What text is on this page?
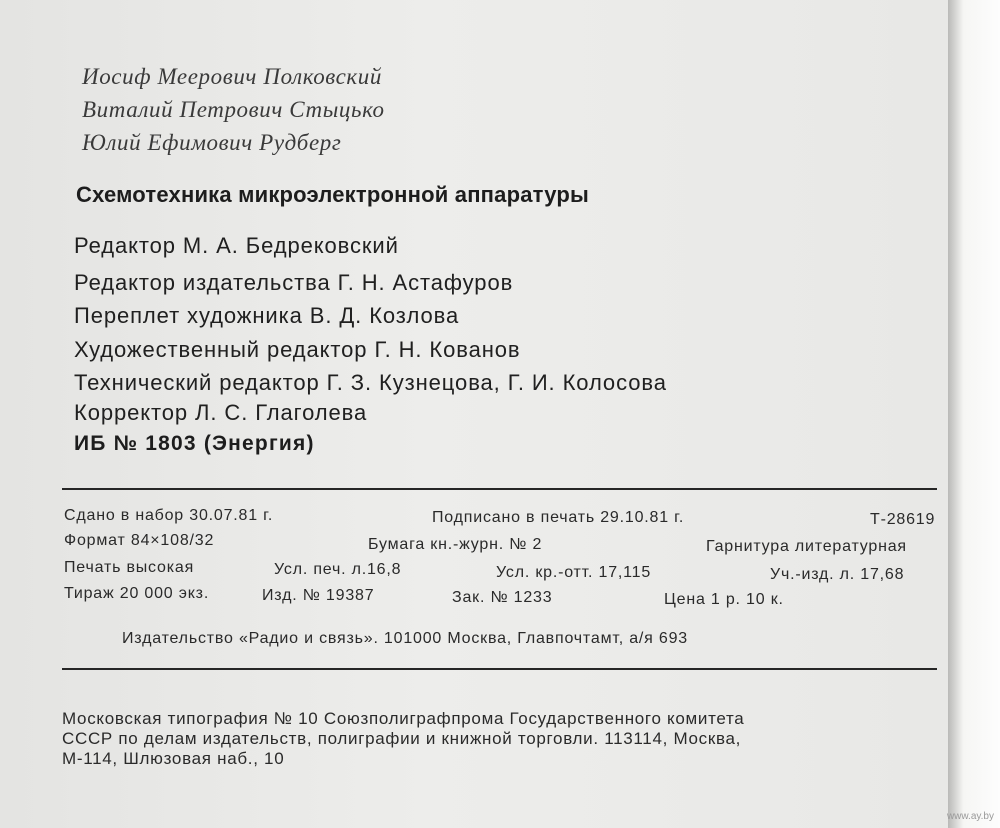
Иосиф Меерович Полковский
Виталий Петрович Стыцько
Юлий Ефимович Рудберг
Схемотехника микроэлектронной аппаратуры
Редактор М. А. Бедрековский
Редактор издательства Г. Н. Астафуров
Переплет художника В. Д. Козлова
Художественный редактор Г. Н. Кованов
Технический редактор Г. З. Кузнецова, Г. И. Колосова
Корректор Л. С. Глаголева
ИБ № 1803 (Энергия)
Сдано в набор 30.07.81 г.	Подписано в печать 29.10.81 г.	Т-28619
Формат 84×108/32	Бумага кн.-журн. № 2	Гарнитура литературная
Печать высокая	Усл. печ. л.16,8	Усл. кр.-отт. 17,115	Уч.-изд. л. 17,68
Тираж 20 000 экз.	Изд. № 19387	Зак. № 1233	Цена 1 р. 10 к.
Издательство «Радио и связь». 101000 Москва, Главпочтамт, а/я 693
Московская типография № 10 Союзполиграфпрома Государственного комитета
СССР по делам издательств, полиграфии и книжной торговли. 113114, Москва,
М-114, Шлюзовая наб., 10
www.ay.by
